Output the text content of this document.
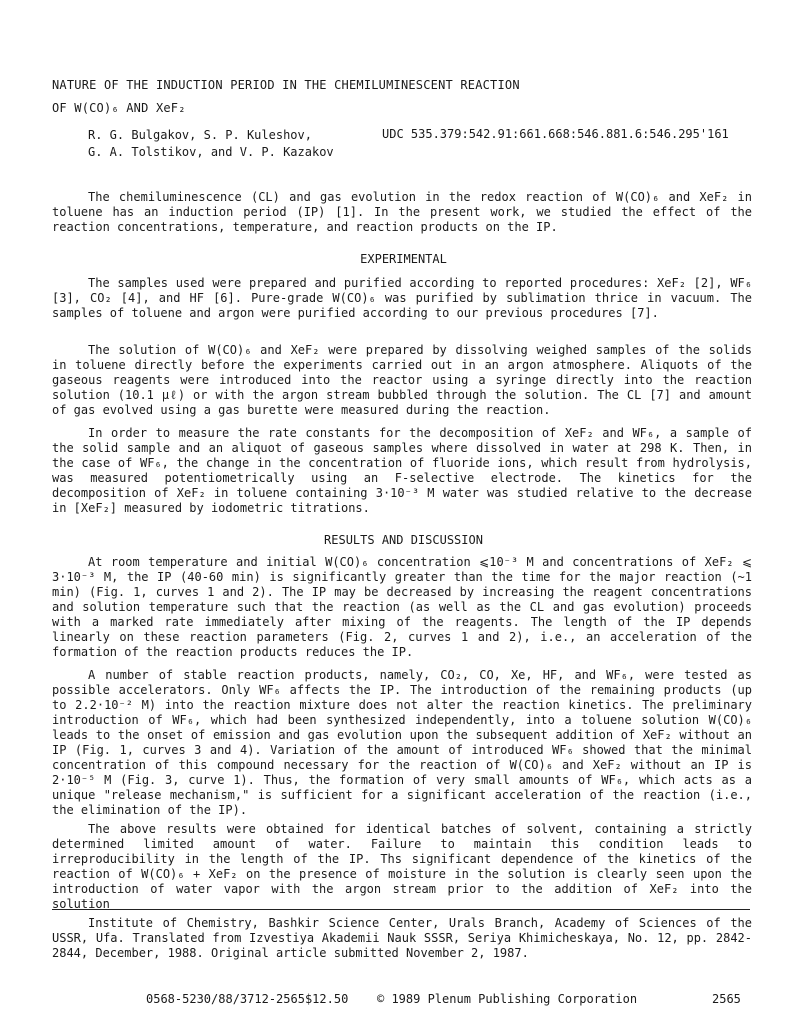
NATURE OF THE INDUCTION PERIOD IN THE CHEMILUMINESCENT REACTION
OF W(CO)₆ AND XeF₂
R. G. Bulgakov, S. P. Kuleshov,
G. A. Tolstikov, and V. P. Kazakov
UDC 535.379:542.91:661.668:546.881.6:546.295'161

The chemiluminescence (CL) and gas evolution in the redox reaction of W(CO)₆ and XeF₂ in toluene has an induction period (IP) [1]. In the present work, we studied the effect of the reaction concentrations, temperature, and reaction products on the IP.

EXPERIMENTAL

The samples used were prepared and purified according to reported procedures: XeF₂ [2], WF₆ [3], CO₂ [4], and HF [6]. Pure-grade W(CO)₆ was purified by sublimation thrice in vacuum. The samples of toluene and argon were purified according to our previous procedures [7].

The solution of W(CO)₆ and XeF₂ were prepared by dissolving weighed samples of the solids in toluene directly before the experiments carried out in an argon atmosphere. Aliquots of the gaseous reagents were introduced into the reactor using a syringe directly into the reaction solution (10.1 µℓ) or with the argon stream bubbled through the solution. The CL [7] and amount of gas evolved using a gas burette were measured during the reaction.

In order to measure the rate constants for the decomposition of XeF₂ and WF₆, a sample of the solid sample and an aliquot of gaseous samples where dissolved in water at 298 K. Then, in the case of WF₆, the change in the concentration of fluoride ions, which result from hydrolysis, was measured potentiometrically using an F-selective electrode. The kinetics for the decomposition of XeF₂ in toluene containing 3·10⁻³ M water was studied relative to the decrease in [XeF₂] measured by iodometric titrations.

RESULTS AND DISCUSSION

At room temperature and initial W(CO)₆ concentration ⩽10⁻³ M and concentrations of XeF₂ ⩽ 3·10⁻³ M, the IP (40-60 min) is significantly greater than the time for the major reaction (~1 min) (Fig. 1, curves 1 and 2). The IP may be decreased by increasing the reagent concentrations and solution temperature such that the reaction (as well as the CL and gas evolution) proceeds with a marked rate immediately after mixing of the reagents. The length of the IP depends linearly on these reaction parameters (Fig. 2, curves 1 and 2), i.e., an acceleration of the formation of the reaction products reduces the IP.

A number of stable reaction products, namely, CO₂, CO, Xe, HF, and WF₆, were tested as possible accelerators. Only WF₆ affects the IP. The introduction of the remaining products (up to 2.2·10⁻² M) into the reaction mixture does not alter the reaction kinetics. The preliminary introduction of WF₆, which had been synthesized independently, into a toluene solution W(CO)₆ leads to the onset of emission and gas evolution upon the subsequent addition of XeF₂ without an IP (Fig. 1, curves 3 and 4). Variation of the amount of introduced WF₆ showed that the minimal concentration of this compound necessary for the reaction of W(CO)₆ and XeF₂ without an IP is 2·10⁻⁵ M (Fig. 3, curve 1). Thus, the formation of very small amounts of WF₆, which acts as a unique "release mechanism," is sufficient for a significant acceleration of the reaction (i.e., the elimination of the IP).

The above results were obtained for identical batches of solvent, containing a strictly determined limited amount of water. Failure to maintain this condition leads to irreproducibility in the length of the IP. Ths significant dependence of the kinetics of the reaction of W(CO)₆ + XeF₂ on the presence of moisture in the solution is clearly seen upon the introduction of water vapor with the argon stream prior to the addition of XeF₂ into the solution

Institute of Chemistry, Bashkir Science Center, Urals Branch, Academy of Sciences of the USSR, Ufa. Translated from Izvestiya Akademii Nauk SSSR, Seriya Khimicheskaya, No. 12, pp. 2842-2844, December, 1988. Original article submitted November 2, 1987.

0568-5230/88/3712-2565$12.50 © 1989 Plenum Publishing Corporation	2565
